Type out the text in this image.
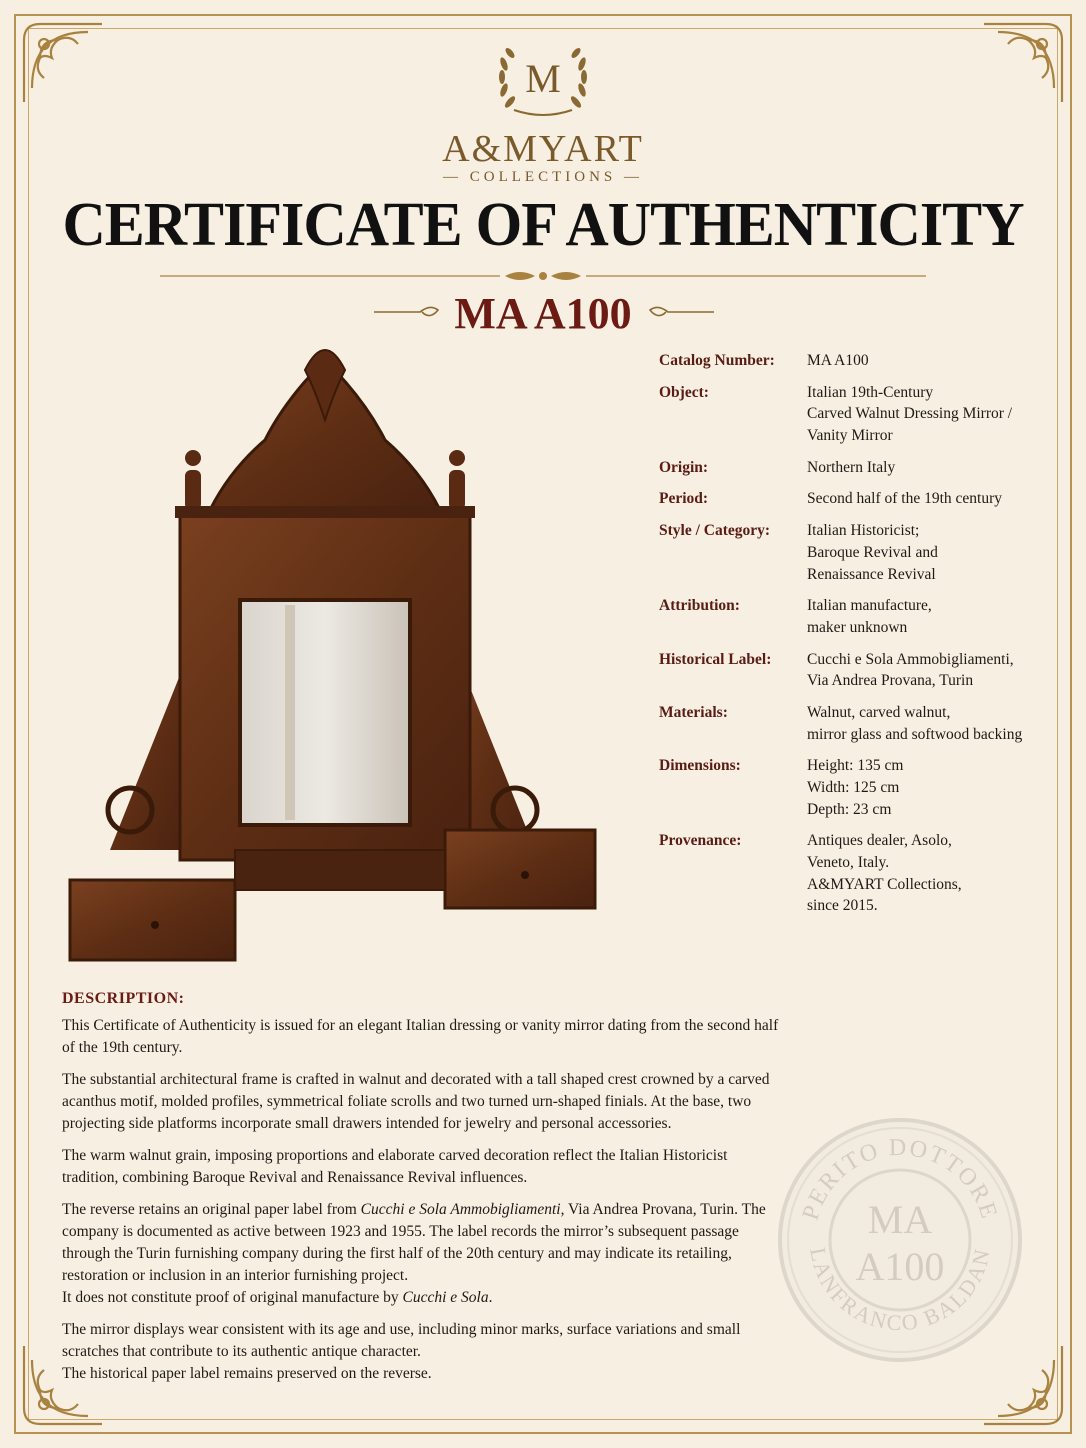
M
A&MYART
— COLLECTIONS —
CERTIFICATE OF AUTHENTICITY
MA A100
Catalog Number:	MA A100
Object:	Italian 19th-Century
Carved Walnut Dressing Mirror /
Vanity Mirror
Origin:	Northern Italy
Period:	Second half of the 19th century
Style / Category:	Italian Historicist;
Baroque Revival and
Renaissance Revival
Attribution:	Italian manufacture,
maker unknown
Historical Label:	Cucchi e Sola Ammobigliamenti,
Via Andrea Provana, Turin
Materials:	Walnut, carved walnut,
mirror glass and softwood backing
Dimensions:	Height: 135 cm
Width: 125 cm
Depth: 23 cm
Provenance:	Antiques dealer, Asolo,
Veneto, Italy.
A&MYART Collections,
since 2015.
DESCRIPTION:

This Certificate of Authenticity is issued for an elegant Italian dressing or vanity mirror dating from the second half of the 19th century.

The substantial architectural frame is crafted in walnut and decorated with a tall shaped crest crowned by a carved acanthus motif, molded profiles, symmetrical foliate scrolls and two turned urn-shaped finials. At the base, two projecting side platforms incorporate small drawers intended for jewelry and personal accessories.

The warm walnut grain, imposing proportions and elaborate carved decoration reflect the Italian Historicist tradition, combining Baroque Revival and Renaissance Revival influences.

The reverse retains an original paper label from Cucchi e Sola Ammobigliamenti, Via Andrea Provana, Turin. The company is documented as active between 1923 and 1955. The label records the mirror’s subsequent passage through the Turin furnishing company during the first half of the 20th century and may indicate its retailing, restoration or inclusion in an interior furnishing project.
It does not constitute proof of original manufacture by Cucchi e Sola.

The mirror displays wear consistent with its age and use, including minor marks, surface variations and small scratches that contribute to its authentic antique character.
The historical paper label remains preserved on the reverse.

PERITO DOTTORE
LANFRANCO BALDAN
MA
A100
